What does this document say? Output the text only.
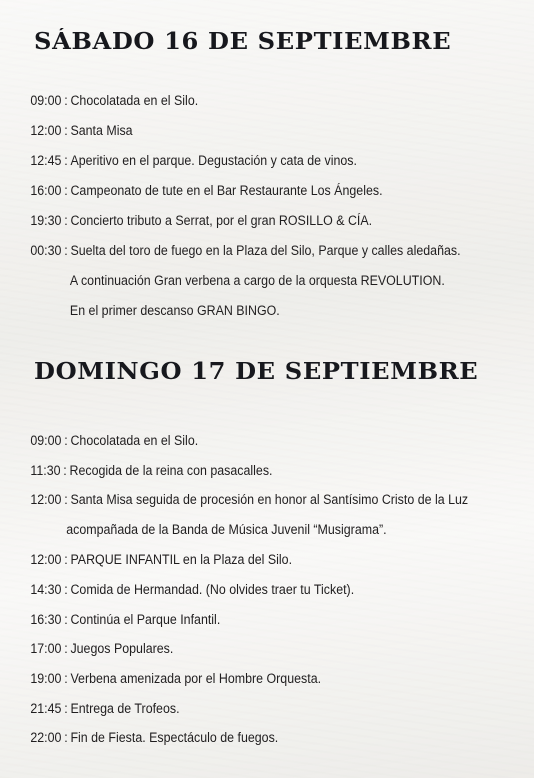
SÁBADO 16 DE SEPTIEMBRE
09:00 : Chocolatada en el Silo.
12:00 : Santa Misa
12:45 : Aperitivo en el parque. Degustación y cata de vinos.
16:00 : Campeonato de tute en el Bar Restaurante Los Ángeles.
19:30 : Concierto tributo a Serrat, por el gran ROSILLO & CÍA.
00:30 : Suelta del toro de fuego en la Plaza del Silo, Parque y calles aledañas.
A continuación Gran verbena a cargo de la orquesta REVOLUTION.
En el primer descanso GRAN BINGO.
DOMINGO 17 DE SEPTIEMBRE
09:00 : Chocolatada en el Silo.
11:30 : Recogida de la reina con pasacalles.
12:00 : Santa Misa seguida de procesión en honor al Santísimo Cristo de la Luz
acompañada de la Banda de Música Juvenil “Musigrama”.
12:00 : PARQUE INFANTIL en la Plaza del Silo.
14:30 : Comida de Hermandad. (No olvides traer tu Ticket).
16:30 : Continúa el Parque Infantil.
17:00 : Juegos Populares.
19:00 : Verbena amenizada por el Hombre Orquesta.
21:45 : Entrega de Trofeos.
22:00 : Fin de Fiesta. Espectáculo de fuegos.
